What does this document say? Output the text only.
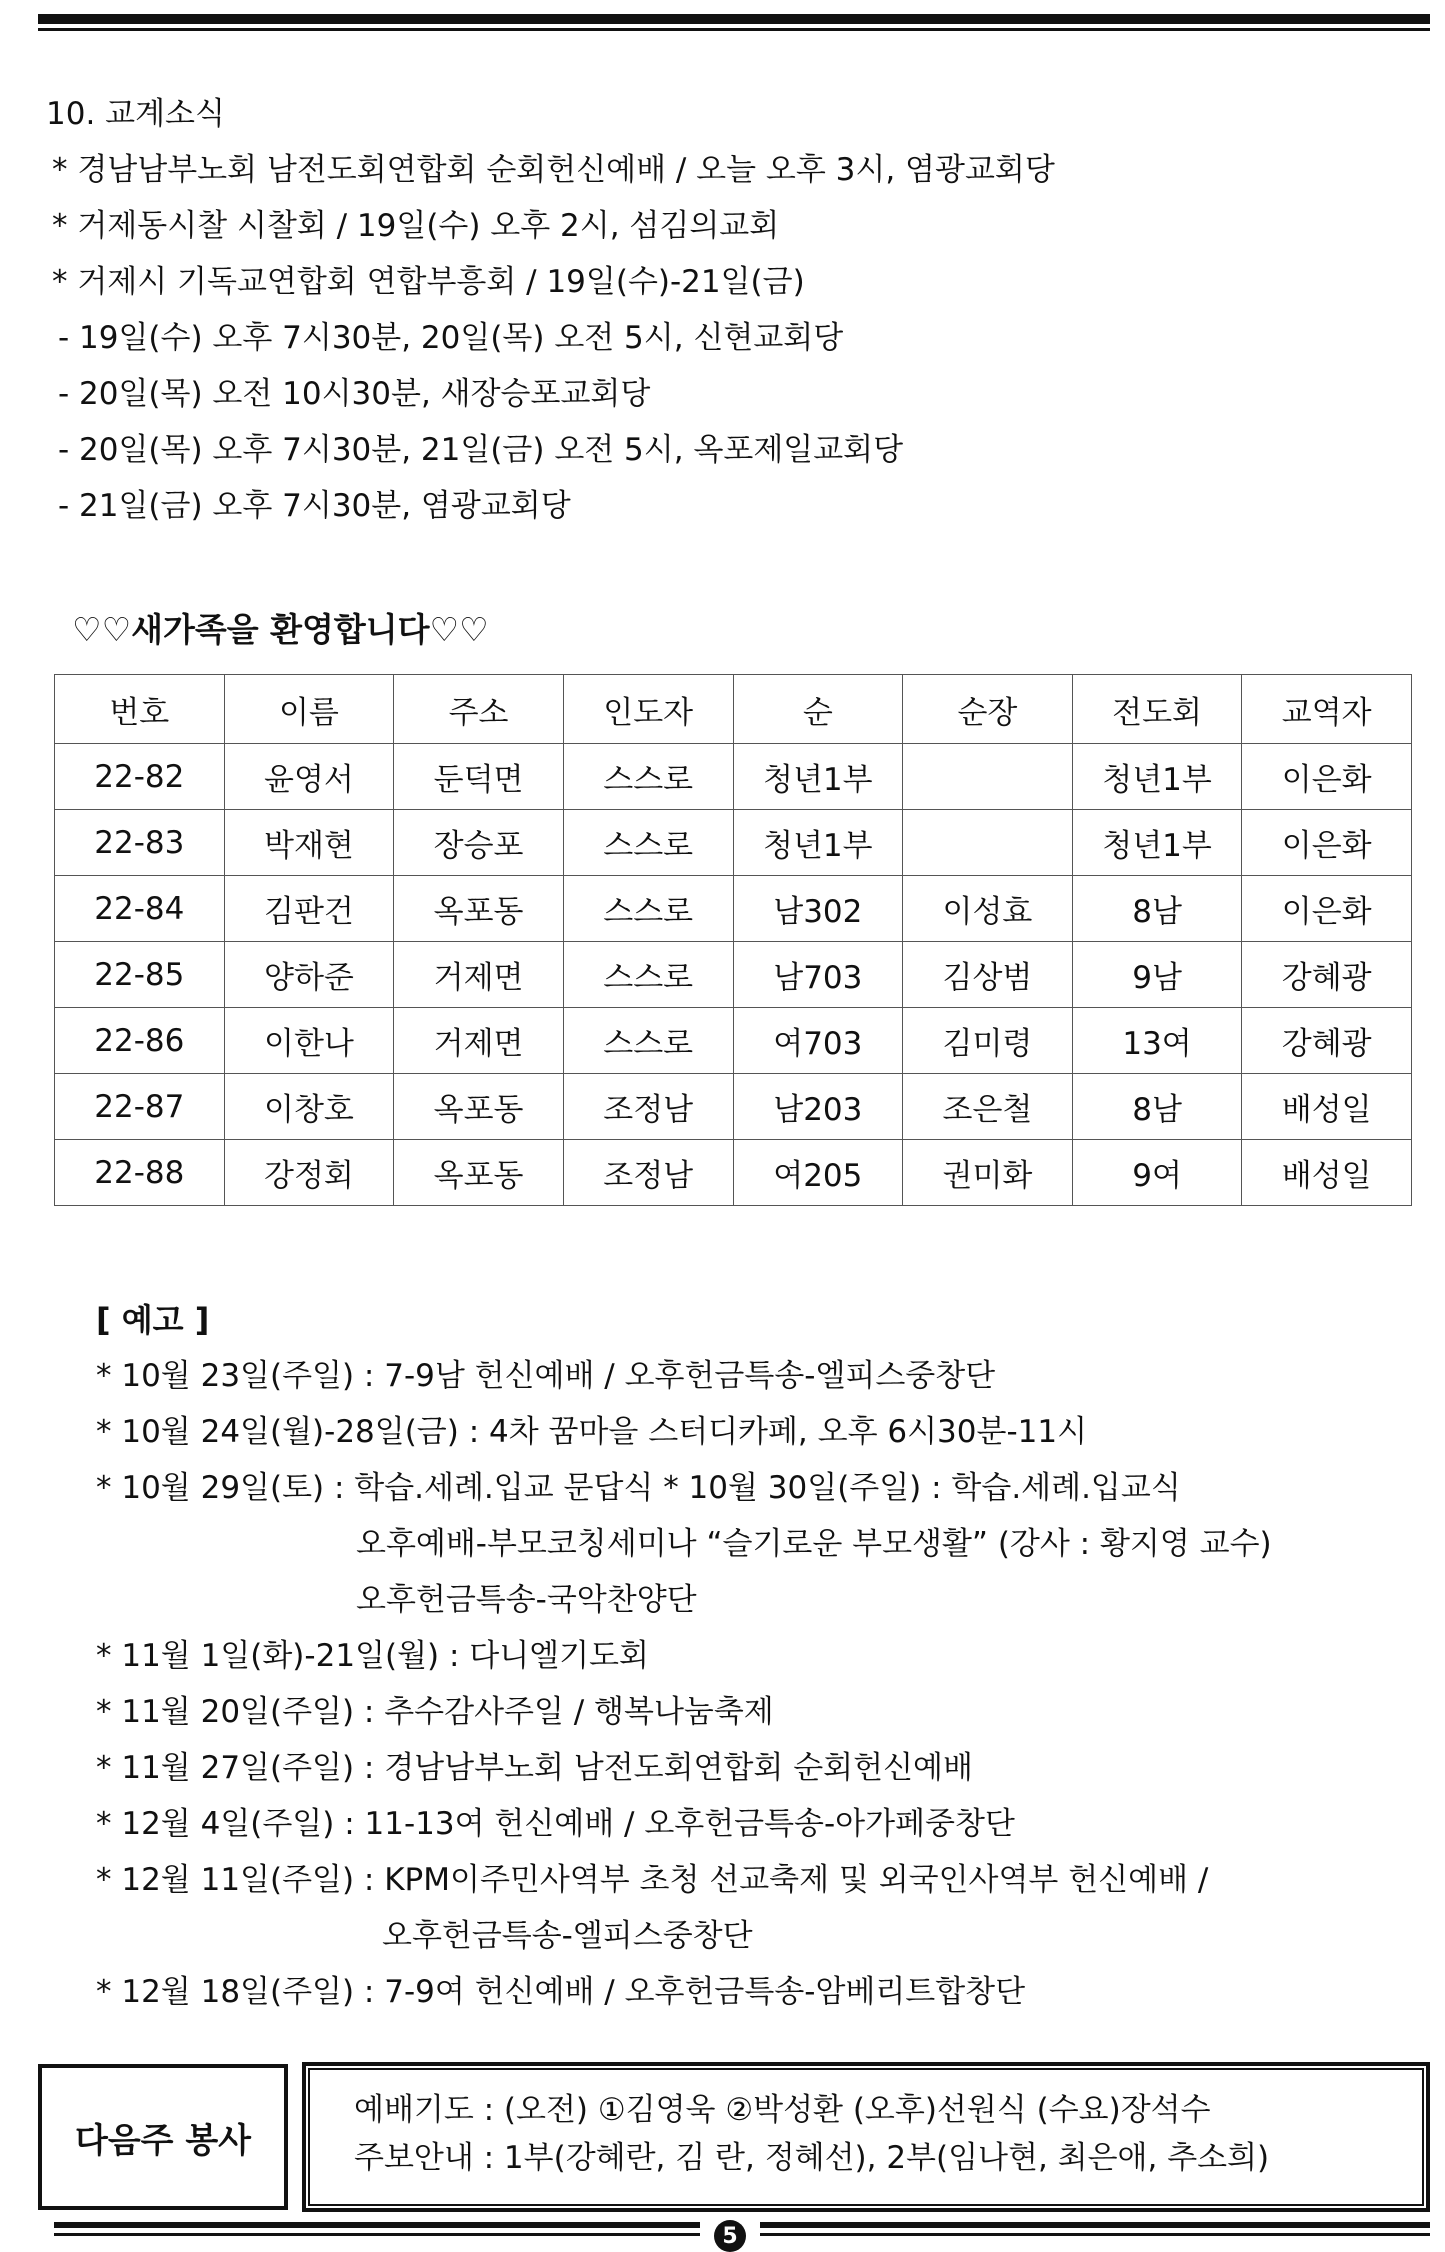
10. 교계소식
* 경남남부노회 남전도회연합회 순회헌신예배 / 오늘 오후 3시, 염광교회당
* 거제동시찰 시찰회 / 19일(수) 오후 2시, 섬김의교회
* 거제시 기독교연합회 연합부흥회 / 19일(수)-21일(금)
- 19일(수) 오후 7시30분, 20일(목) 오전 5시, 신현교회당
- 20일(목) 오전 10시30분, 새장승포교회당
- 20일(목) 오후 7시30분, 21일(금) 오전 5시, 옥포제일교회당
- 21일(금) 오후 7시30분, 염광교회당
♡♡새가족을 환영합니다♡♡
번호	이름	주소	인도자	순	순장	전도회	교역자
22-82	윤영서	둔덕면	스스로	청년1부		청년1부	이은화
22-83	박재현	장승포	스스로	청년1부		청년1부	이은화
22-84	김판건	옥포동	스스로	남302	이성효	8남	이은화
22-85	양하준	거제면	스스로	남703	김상범	9남	강혜광
22-86	이한나	거제면	스스로	여703	김미령	13여	강혜광
22-87	이창호	옥포동	조정남	남203	조은철	8남	배성일
22-88	강정회	옥포동	조정남	여205	권미화	9여	배성일
[ 예고 ]
* 10월 23일(주일) : 7-9남 헌신예배 / 오후헌금특송-엘피스중창단
* 10월 24일(월)-28일(금) : 4차 꿈마을 스터디카페, 오후 6시30분-11시
* 10월 29일(토) : 학습.세례.입교 문답식 * 10월 30일(주일) : 학습.세례.입교식
오후예배-부모코칭세미나 “슬기로운 부모생활” (강사 : 황지영 교수)
오후헌금특송-국악찬양단
* 11월 1일(화)-21일(월) : 다니엘기도회
* 11월 20일(주일) : 추수감사주일 / 행복나눔축제
* 11월 27일(주일) : 경남남부노회 남전도회연합회 순회헌신예배
* 12월 4일(주일) : 11-13여 헌신예배 / 오후헌금특송-아가페중창단
* 12월 11일(주일) : KPM이주민사역부 초청 선교축제 및 외국인사역부 헌신예배 /
오후헌금특송-엘피스중창단
* 12월 18일(주일) : 7-9여 헌신예배 / 오후헌금특송-암베리트합창단
다음주 봉사
예배기도 : (오전) ①김영욱 ②박성환 (오후)선원식 (수요)장석수
주보안내 : 1부(강혜란, 김 란, 정혜선), 2부(임나현, 최은애, 추소희)
5
